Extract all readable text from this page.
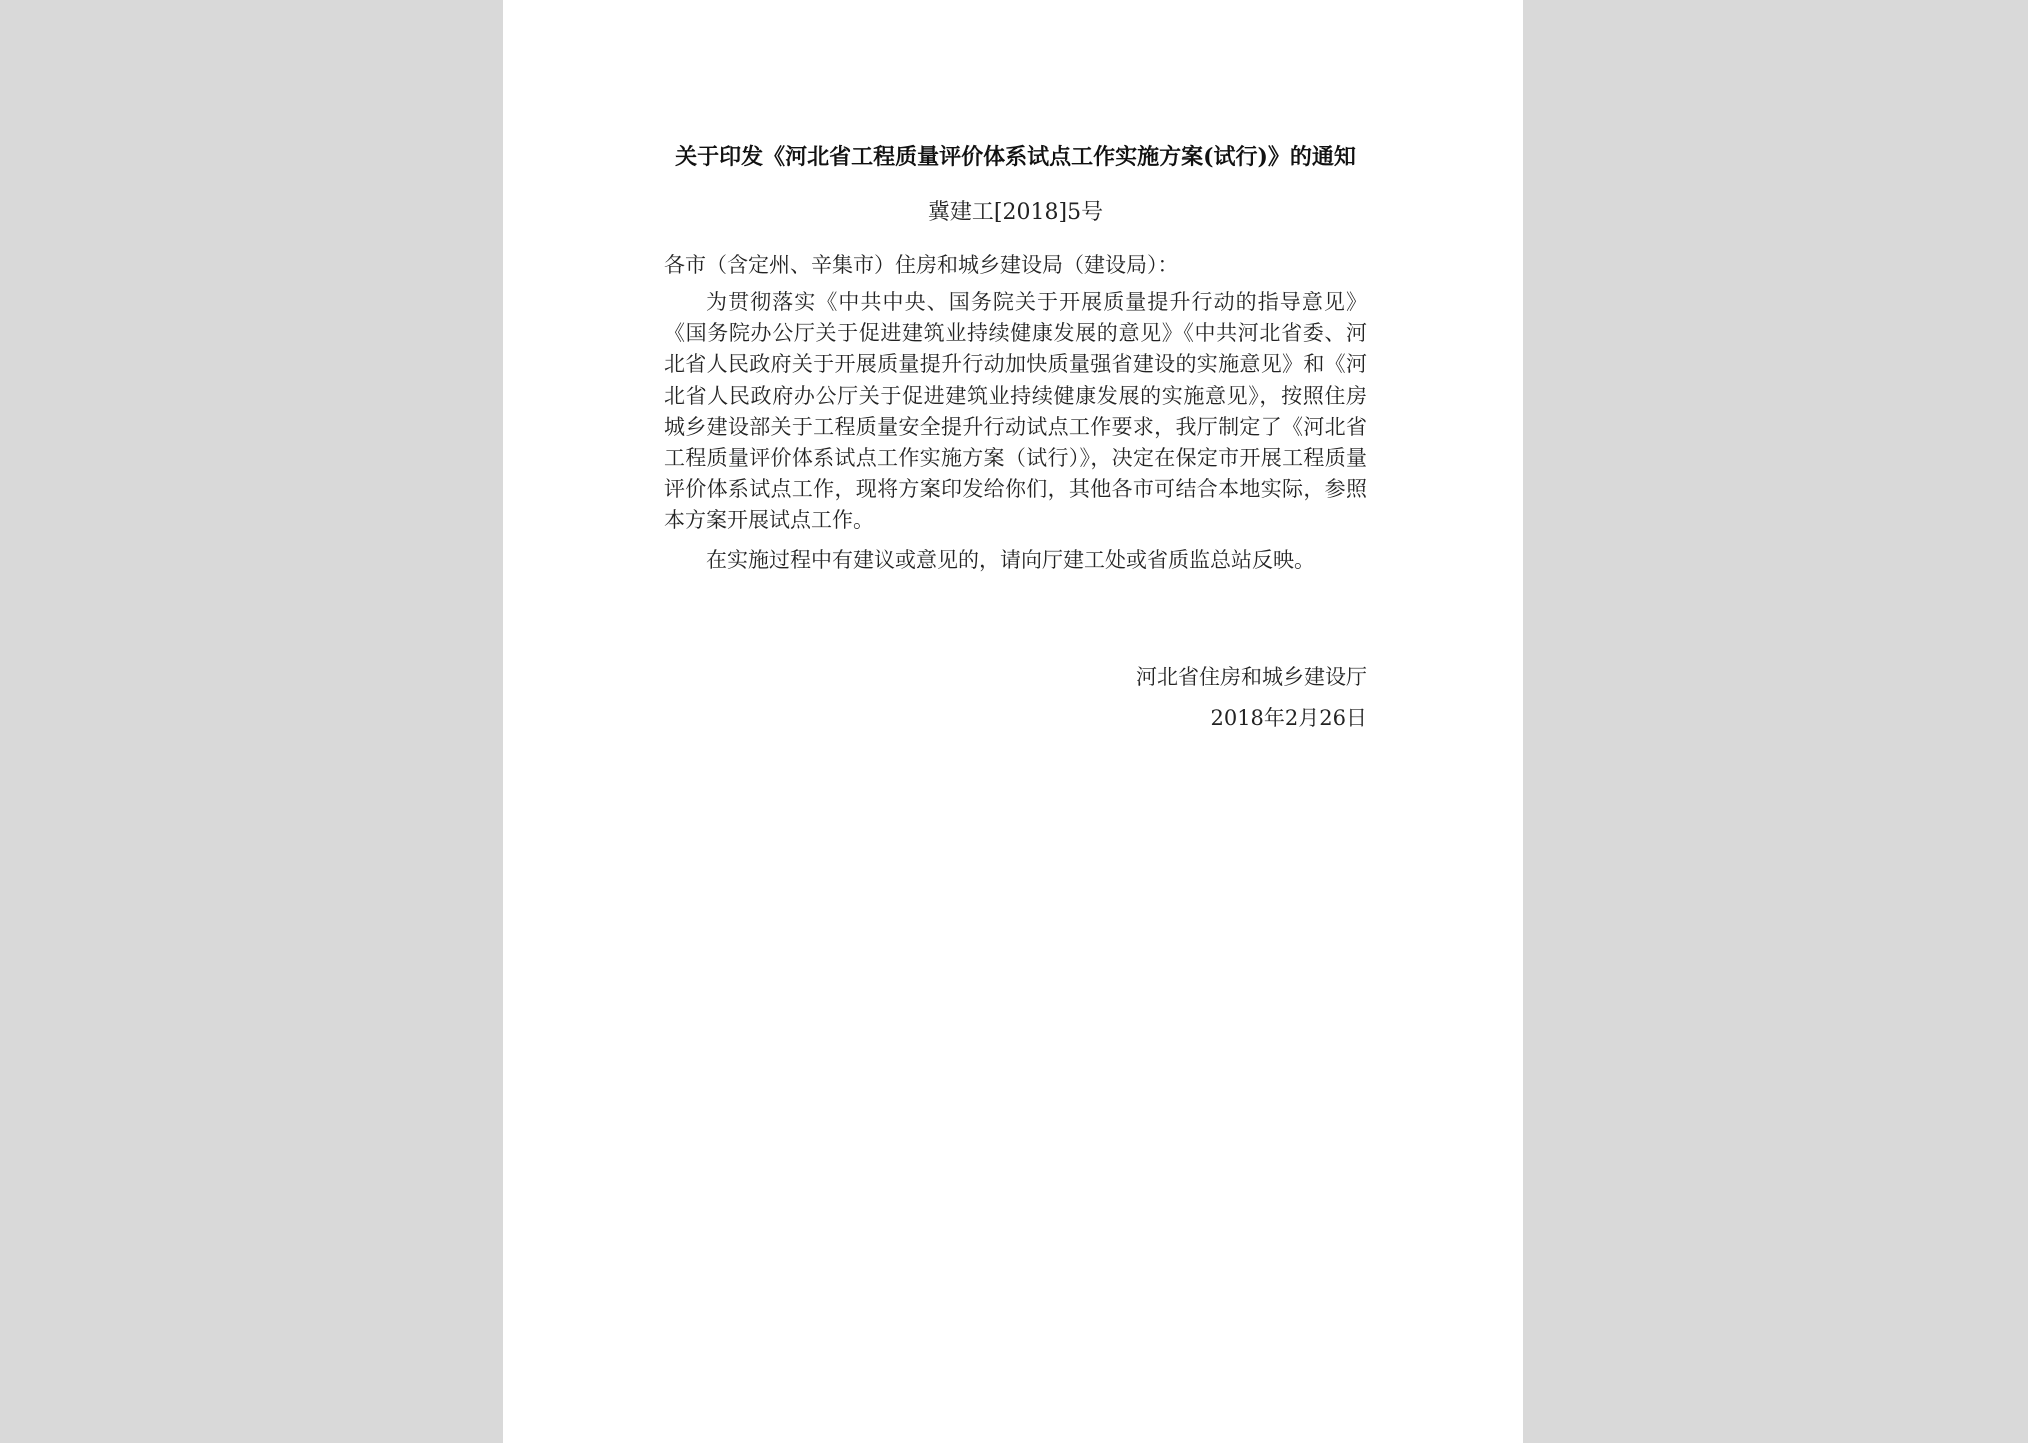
关于印发《河北省工程质量评价体系试点工作实施方案(试行)》的通知
冀建工[2018]5号
各市（含定州、辛集市）住房和城乡建设局（建设局）：

为贯彻落实《中共中央、国务院关于开展质量提升行动的指导意见》《国务院办公厅关于促进建筑业持续健康发展的意见》《中共河北省委、河北省人民政府关于开展质量提升行动加快质量强省建设的实施意见》和《河北省人民政府办公厅关于促进建筑业持续健康发展的实施意见》，按照住房城乡建设部关于工程质量安全提升行动试点工作要求，我厅制定了《河北省工程质量评价体系试点工作实施方案（试行）》，决定在保定市开展工程质量评价体系试点工作，现将方案印发给你们，其他各市可结合本地实际，参照本方案开展试点工作。

在实施过程中有建议或意见的，请向厅建工处或省质监总站反映。

河北省住房和城乡建设厅
2018年2月26日
